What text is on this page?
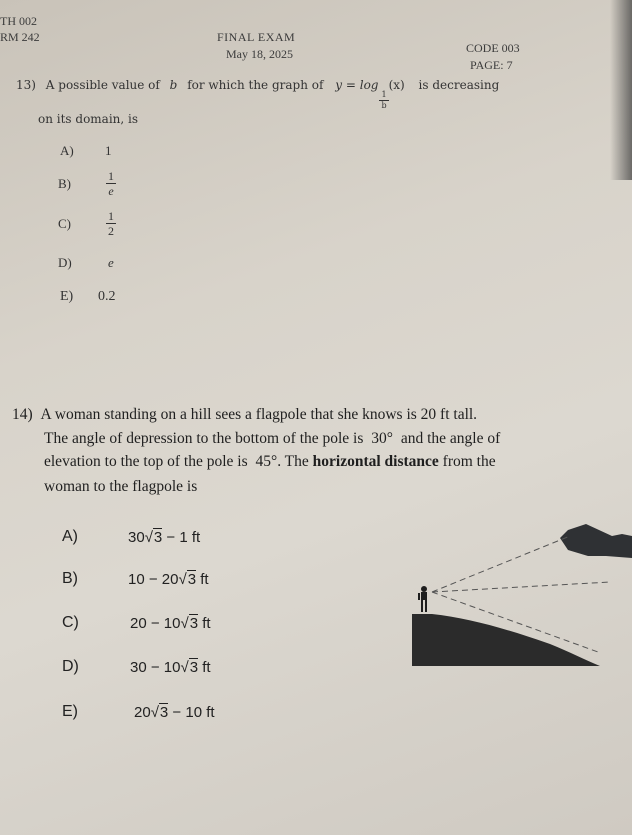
TH 002
RM 242	FINAL EXAM
May 18, 2025	CODE 003
PAGE: 7
13) A possible value of b for which the graph of y = log
$\frac{1}{b}$
(x) is decreasing
on its domain, is
A) 1
B)	$\frac{1}{e}$
C)	$\frac{1}{2}$
D)	e
E) 0.2
14) A woman standing on a hill sees a flagpole that she knows is 20 ft tall.
The angle of depression to the bottom of the pole is 30° and the angle of
elevation to the top of the pole is 45°. The horizontal distance from the
woman to the flagpole is
A)	30√3 − 1 ft
B)	10 − 20√3 ft
C)	20 − 10√3 ft
D)	30 − 10√3 ft
E)	20√3 − 10 ft
